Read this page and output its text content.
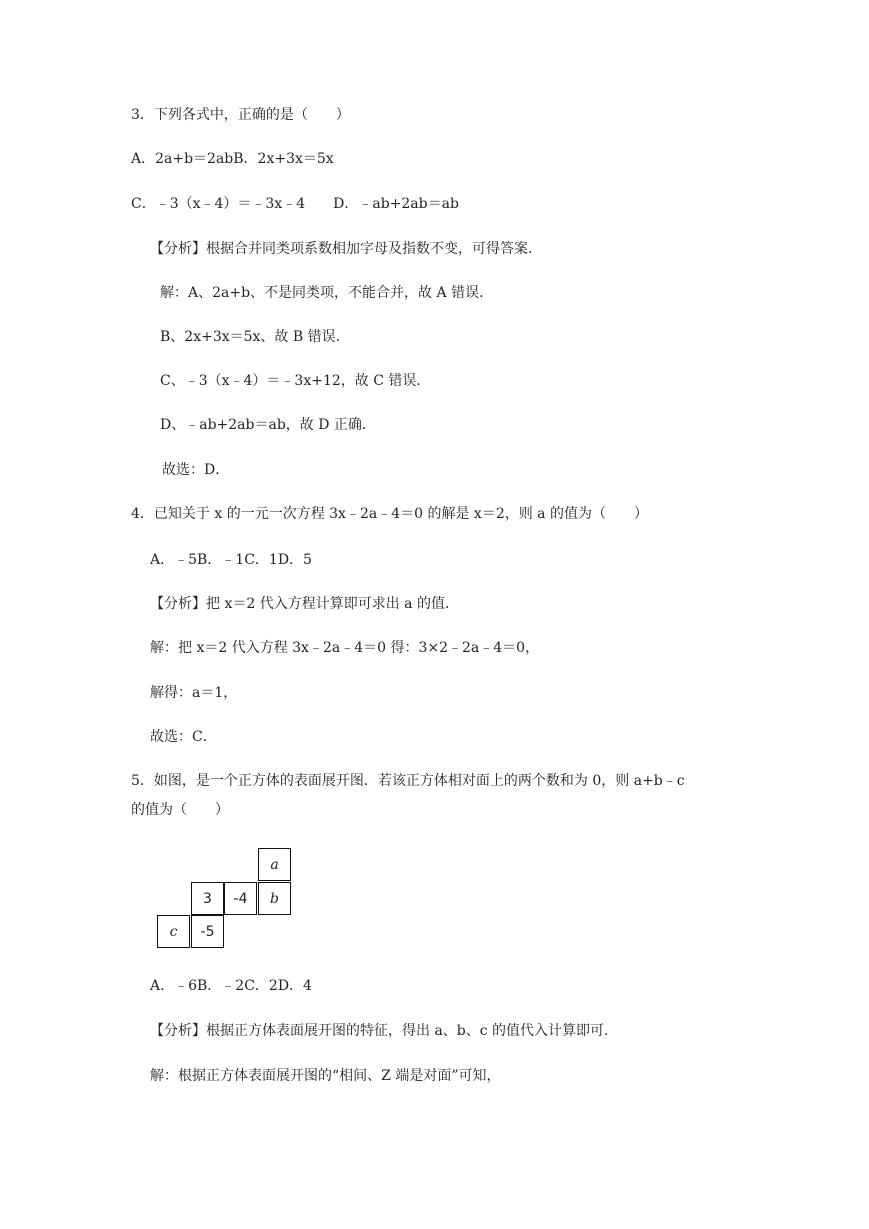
3．下列各式中，正确的是（　　）
A．2a+b＝2abB．2x+3x＝5x
C．﹣3（x﹣4）＝﹣3x﹣4　　D．﹣ab+2ab＝ab
【分析】根据合并同类项系数相加字母及指数不变，可得答案．
解：A、2a+b、不是同类项，不能合并，故 A 错误．
B、2x+3x＝5x、故 B 错误．
C、﹣3（x﹣4）＝﹣3x+12，故 C 错误．
D、﹣ab+2ab＝ab，故 D 正确．
故选：D．
4．已知关于 x 的一元一次方程 3x﹣2a﹣4＝0 的解是 x＝2，则 a 的值为（　　）
A．﹣5B．﹣1C．1D．5
【分析】把 x＝2 代入方程计算即可求出 a 的值．
解：把 x＝2 代入方程 3x﹣2a﹣4＝0 得：3×2﹣2a﹣4＝0，
解得：a＝1，
故选：C．
5．如图，是一个正方体的表面展开图．若该正方体相对面上的两个数和为 0，则 a+b﹣c
的值为（　　）
a
3	-4	b
c	-5
A．﹣6B．﹣2C．2D．4
【分析】根据正方体表面展开图的特征，得出 a、b、c 的值代入计算即可．
解：根据正方体表面展开图的“相间、Z 端是对面”可知，
